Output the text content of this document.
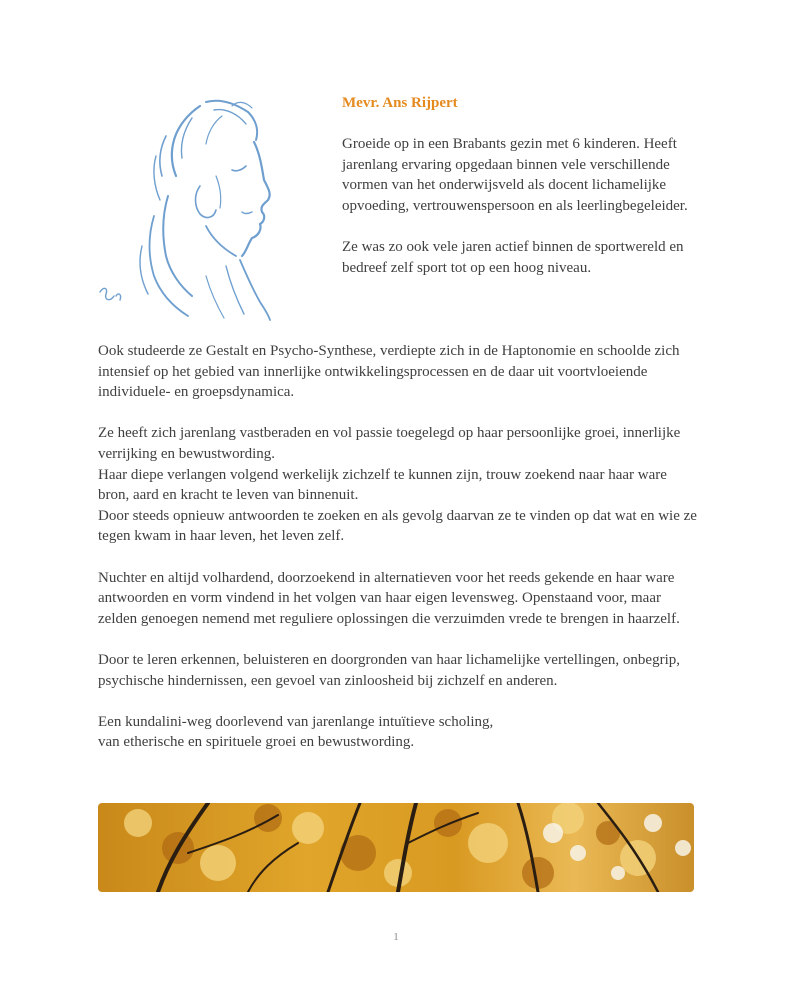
Mevr. Ans Rijpert

Groeide op in een Brabants gezin met 6 kinderen. Heeft jarenlang ervaring opgedaan binnen vele verschillende vormen van het onderwijsveld als docent lichamelijke opvoeding, vertrouwenspersoon en als leerlingbegeleider.

Ze was zo ook vele jaren actief binnen de sportwereld en bedreef zelf sport tot op een hoog niveau.

Ook studeerde ze Gestalt en Psycho-Synthese, verdiepte zich in de Haptonomie en schoolde zich intensief op het gebied van innerlijke ontwikkelingsprocessen en de daar uit voortvloeiende individuele- en groepsdynamica.

Ze heeft zich jarenlang vastberaden en vol passie toegelegd op haar persoonlijke groei, innerlijke verrijking en bewustwording.
Haar diepe verlangen volgend werkelijk zichzelf te kunnen zijn, trouw zoekend naar haar ware bron, aard en kracht te leven van binnenuit.
Door steeds opnieuw antwoorden te zoeken en als gevolg daarvan ze te vinden op dat wat en wie ze tegen kwam in haar leven, het leven zelf.

Nuchter en altijd volhardend, doorzoekend in alternatieven voor het reeds gekende en haar ware antwoorden en vorm vindend in het volgen van haar eigen levensweg. Openstaand voor, maar zelden genoegen nemend met reguliere oplossingen die verzuimden vrede te brengen in haarzelf.

Door te leren erkennen, beluisteren en doorgronden van haar lichamelijke vertellingen, onbegrip, psychische hindernissen, een gevoel van zinloosheid bij zichzelf en anderen.

Een kundalini-weg doorlevend van jarenlange intuïtieve scholing,
van etherische en spirituele groei en bewustwording.

1
